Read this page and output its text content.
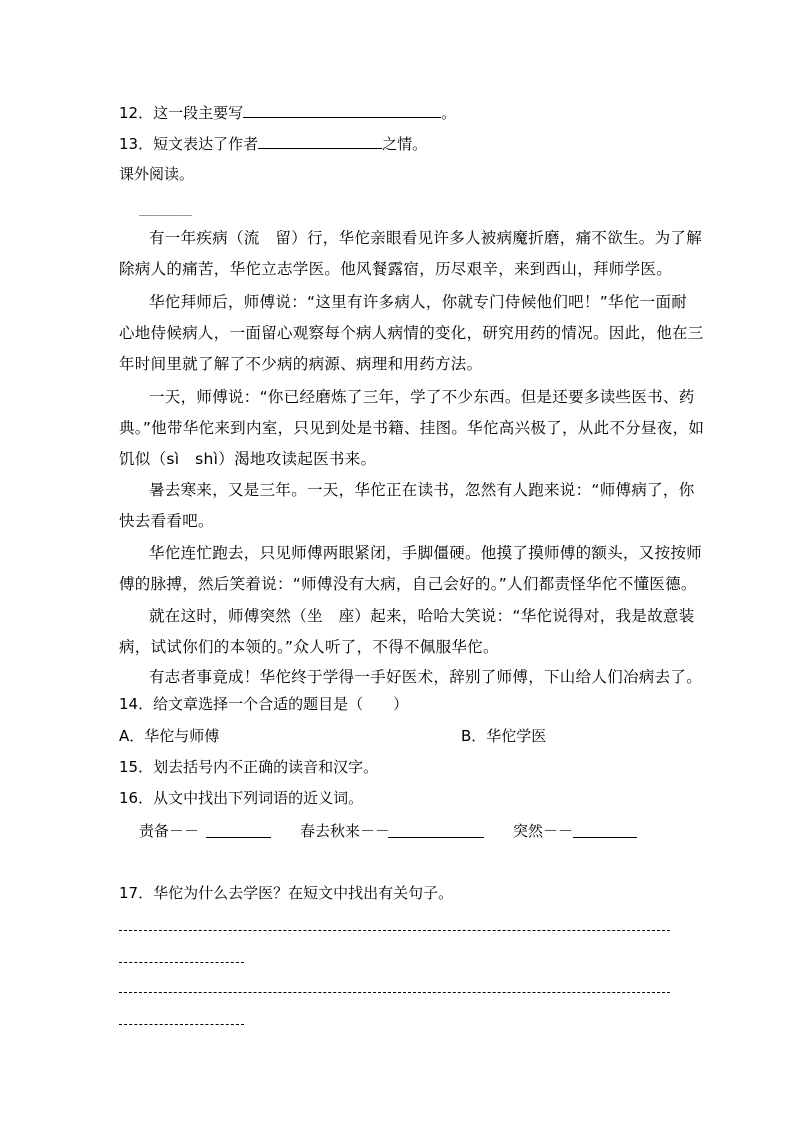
12．这一段主要写	。
13．短文表达了作者	之情。
课外阅读。
________
有一年疾病（流　留）行，华佗亲眼看见许多人被病魔折磨，痛不欲生。为了解
除病人的痛苦，华佗立志学医。他风餐露宿，历尽艰辛，来到西山，拜师学医。
华佗拜师后，师傅说：“这里有许多病人，你就专门侍候他们吧！”华佗一面耐
心地侍候病人，一面留心观察每个病人病情的变化，研究用药的情况。因此，他在三
年时间里就了解了不少病的病源、病理和用药方法。
一天，师傅说：“你已经磨炼了三年，学了不少东西。但是还要多读些医书、药
典。”他带华佗来到内室，只见到处是书籍、挂图。华佗高兴极了，从此不分昼夜，如
饥似（sì　shì）渴地攻读起医书来。
暑去寒来，又是三年。一天，华佗正在读书，忽然有人跑来说：“师傅病了，你
快去看看吧。
华佗连忙跑去，只见师傅两眼紧闭，手脚僵硬。他摸了摸师傅的额头，又按按师
傅的脉搏，然后笑着说：“师傅没有大病，自己会好的。”人们都责怪华佗不懂医德。
就在这时，师傅突然（坐　座）起来，哈哈大笑说：“华佗说得对，我是故意装
病，试试你们的本领的。”众人听了，不得不佩服华佗。
有志者事竟成！华佗终于学得一手好医术，辞别了师傅，下山给人们冶病去了。
14．给文章选择一个合适的题目是（　　）
A．华佗与师傅	B．华佗学医
15．划去括号内不正确的读音和汉字。
16．从文中找出下列词语的近义词。
责备－－	春去秋来－－	突然－－
17．华佗为什么去学医？在短文中找出有关句子。
